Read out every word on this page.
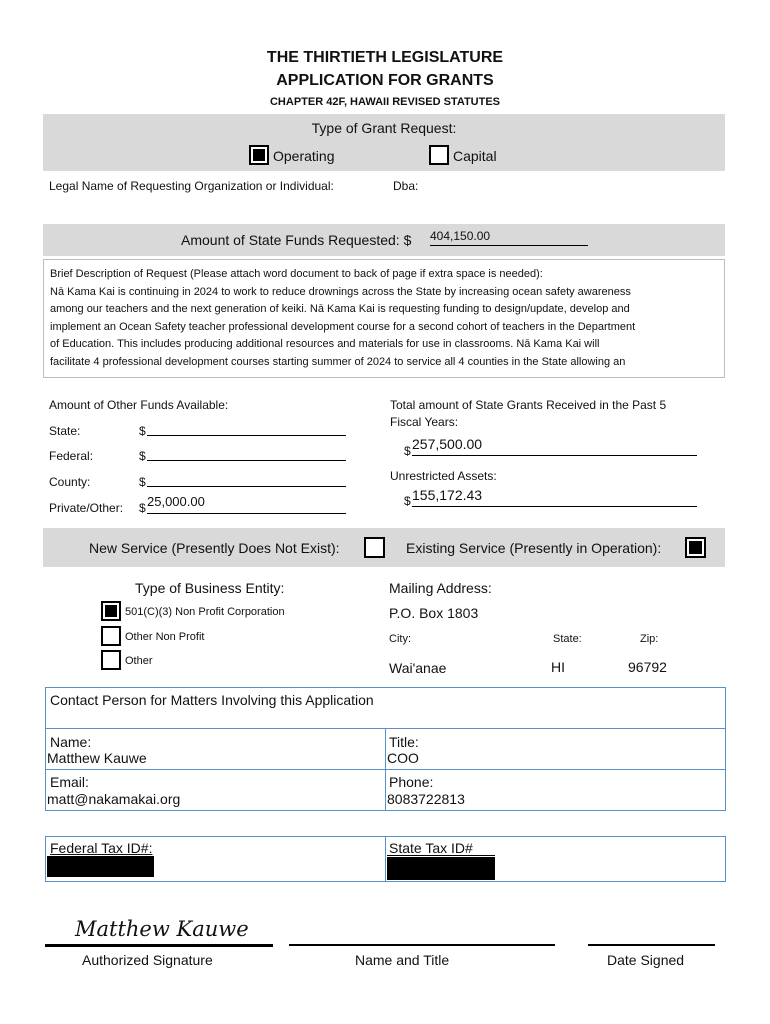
THE THIRTIETH LEGISLATURE
APPLICATION FOR GRANTS
CHAPTER 42F, HAWAII REVISED STATUTES
Type of Grant Request:
Operating	Capital
Legal Name of Requesting Organization or Individual:	Dba:
Amount of State Funds Requested: $ 404,150.00
Brief Description of Request (Please attach word document to back of page if extra space is needed):
Nā Kama Kai is continuing in 2024 to work to reduce drownings across the State by increasing ocean safety awareness
among our teachers and the next generation of keiki. Nā Kama Kai is requesting funding to design/update, develop and
implement an Ocean Safety teacher professional development course for a second cohort of teachers in the Department
of Education. This includes producing additional resources and materials for use in classrooms. Nā Kama Kai will
facilitate 4 professional development courses starting summer of 2024 to service all 4 counties in the State allowing an
Amount of Other Funds Available:
State:	$
Federal:	$
County:	$
Private/Other: $ 25,000.00
Total amount of State Grants Received in the Past 5
Fiscal Years:
$ 257,500.00
Unrestricted Assets:
$ 155,172.43
New Service (Presently Does Not Exist):	Existing Service (Presently in Operation):
Type of Business Entity:
501(C)(3) Non Profit Corporation
Other Non Profit
Other
Mailing Address:
P.O. Box 1803
City:	State:	Zip:
Wai'anae	HI	96792
Contact Person for Matters Involving this Application
Name:
Matthew Kauwe
Title:
COO
Email:
matt@nakamakai.org
Phone:
8083722813
Federal Tax ID#:	State Tax ID#
Matthew Kauwe
Authorized Signature	Name and Title	Date Signed
